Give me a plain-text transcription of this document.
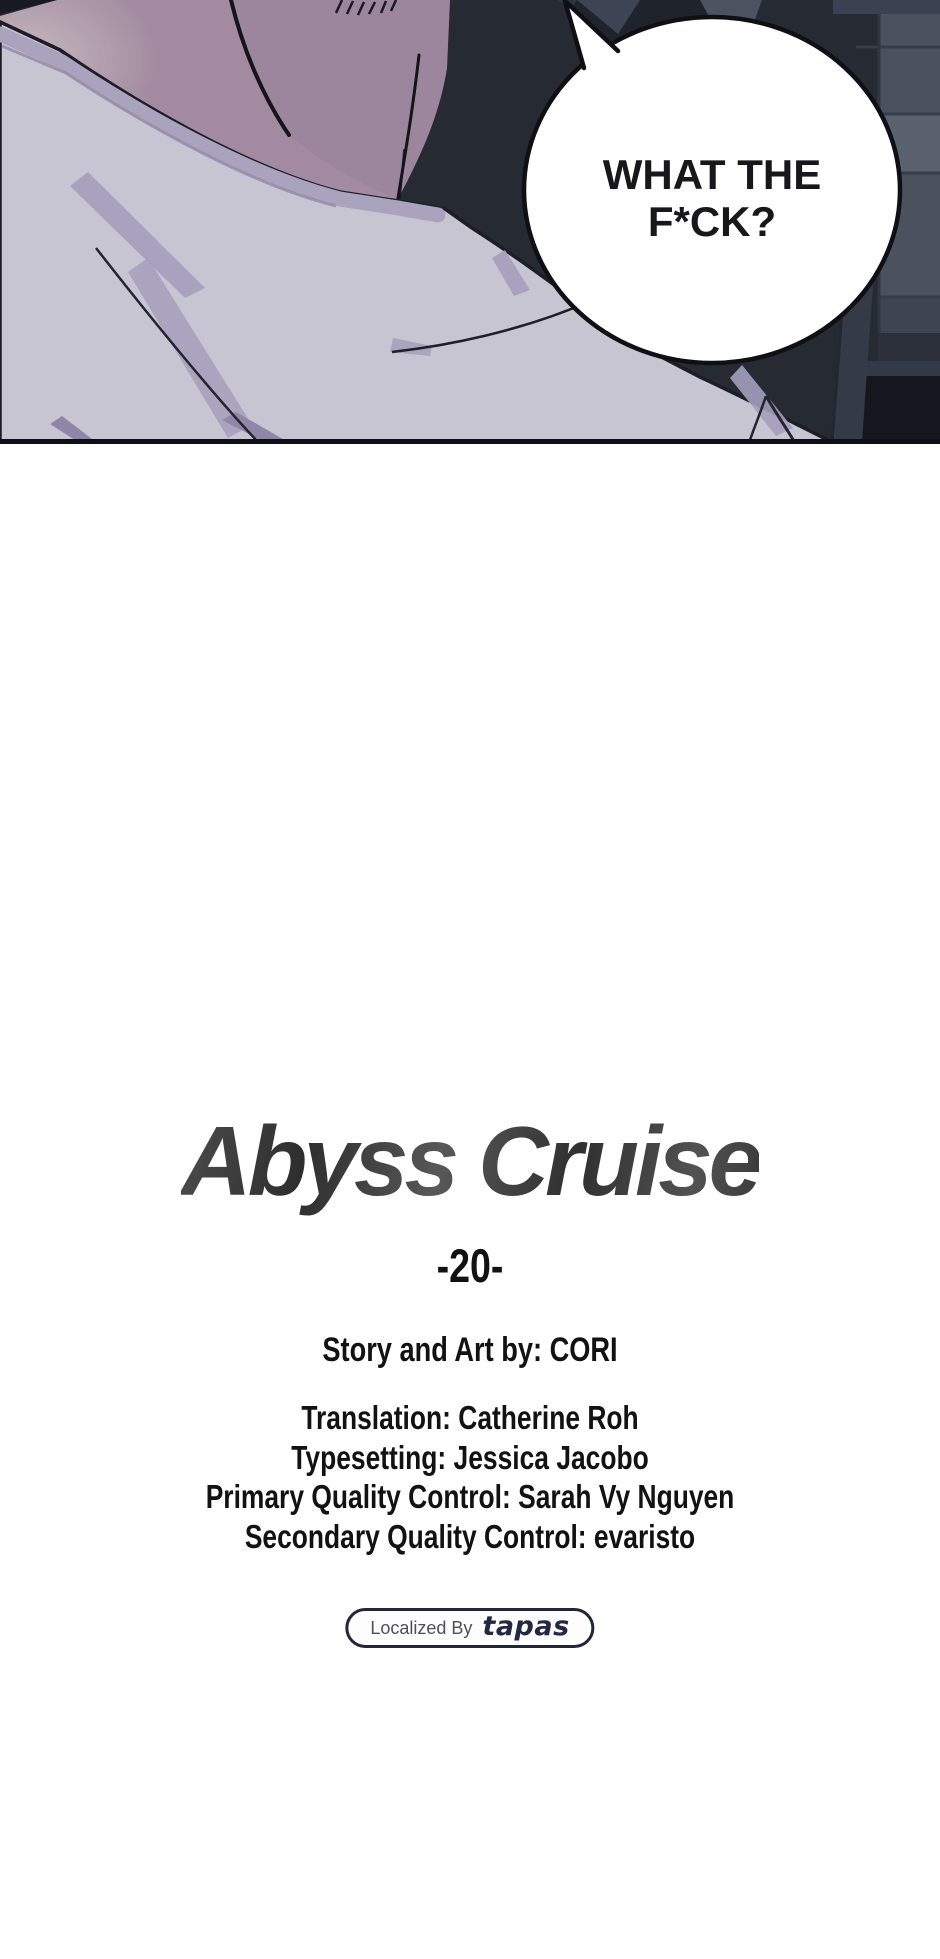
WHAT THE
F*CK?
Abyss Cruise
-20-
Story and Art by: CORI
Translation: Catherine Roh
Typesetting: Jessica Jacobo
Primary Quality Control: Sarah Vy Nguyen
Secondary Quality Control: evaristo
Localized By tapas
